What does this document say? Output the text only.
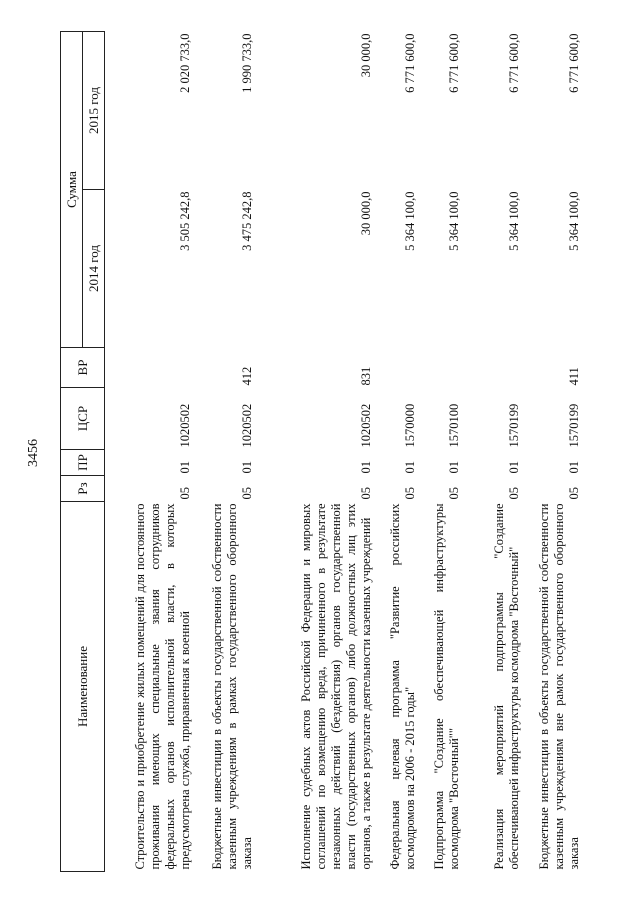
3456
Наименование	Рз	ПР	ЦСР	ВР	Сумма	
					2014 год	2015 год
Строительство и приобретение жилых помещений для постоянного проживания имеющих специальные звания сотрудников федеральных органов исполнительной власти, в которых предусмотрена служба, приравненная к военной	05	01	1020502		3 505 242,8	2 020 733,0
Бюджетные инвестиции в объекты государственной собственности казенным учреждениям в рамках государственного оборонного заказа	05	01	1020502	412	3 475 242,8	1 990 733,0
Исполнение судебных актов Российской Федерации и мировых соглашений по возмещению вреда, причиненного в результате незаконных действий (бездействия) органов государственной власти (государственных органов) либо должностных лиц этих органов, а также в результате деятельности казенных учреждений	05	01	1020502	831	30 000,0	30 000,0
Федеральная целевая программа "Развитие российских космодромов на 2006 - 2015 годы"	05	01	1570000		5 364 100,0	6 771 600,0
Подпрограмма "Создание обеспечивающей инфраструктуры космодрома "Восточный""	05	01	1570100		5 364 100,0	6 771 600,0
Реализация мероприятий подпрограммы "Создание обеспечивающей инфраструктуры космодрома "Восточный"	05	01	1570199		5 364 100,0	6 771 600,0
Бюджетные инвестиции в объекты государственной собственности казенным учреждениям вне рамок государственного оборонного заказа	05	01	1570199	411	5 364 100,0	6 771 600,0
